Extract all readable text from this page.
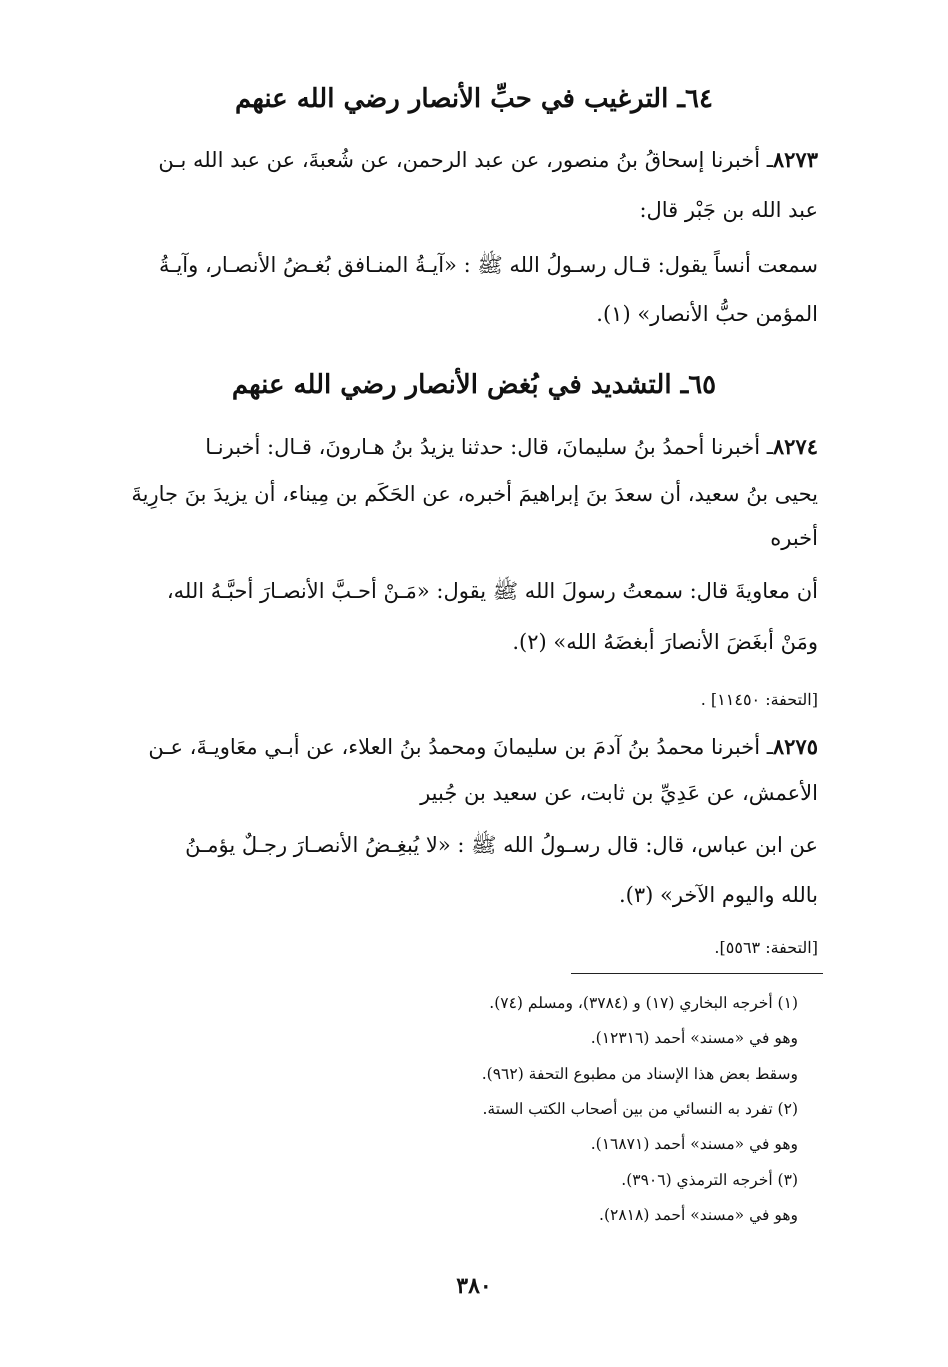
٦٤ـ الترغيب في حبِّ الأنصار رضي الله عنهم
٨٢٧٣ـ أخبرنا إسحاقُ بنُ منصور، عن عبد الرحمن، عن شُعبةَ، عن عبد الله بـن
عبد الله بن جَبْر قال:
سمعت أنساً يقول: قـال رسـولُ الله ﷺ : «آيـةُ المنـافق بُغـضُ الأنصـار، وآيـةُ
المؤمن حبُّ الأنصار» (١).
٦٥ـ التشديد في بُغض الأنصار رضي الله عنهم
٨٢٧٤ـ أخبرنا أحمدُ بنُ سليمانَ، قال: حدثنا يزيدُ بنُ هـارونَ، قـال: أخبرنـا
يحيى بنُ سعيد، أن سعدَ بنَ إبراهيمَ أخبره، عن الحَكَم بن مِيناء، أن يزيدَ بنَ جارِيةَ
أخبره
أن معاويةَ قال: سمعتُ رسولَ الله ﷺ يقول: «مَـنْ أحـبَّ الأنصـارَ أحبَّـهُ الله،
ومَنْ أبغَضَ الأنصارَ أبغضَهُ الله» (٢).
[التحفة: ١١٤٥٠] .
٨٢٧٥ـ أخبرنا محمدُ بنُ آدمَ بن سليمانَ ومحمدُ بنُ العلاء، عن أبـي معَاويـةَ، عـن
الأعمش، عن عَدِيِّ بن ثابت، عن سعيد بن جُبير
عن ابن عباس، قال: قال رسـولُ الله ﷺ : «لا يُبغِـضُ الأنصـارَ رجـلٌ يؤمـنُ
بالله واليوم الآخر» (٣).
[التحفة: ٥٥٦٣].
(١) أخرجه البخاري (١٧) و (٣٧٨٤)، ومسلم (٧٤).
وهو في «مسند» أحمد (١٢٣١٦).
وسقط بعض هذا الإسناد من مطبوع التحفة (٩٦٢).
(٢) تفرد به النسائي من بين أصحاب الكتب الستة.
وهو في «مسند» أحمد (١٦٨٧١).
(٣) أخرجه الترمذي (٣٩٠٦).
وهو في «مسند» أحمد (٢٨١٨).
٣٨٠
